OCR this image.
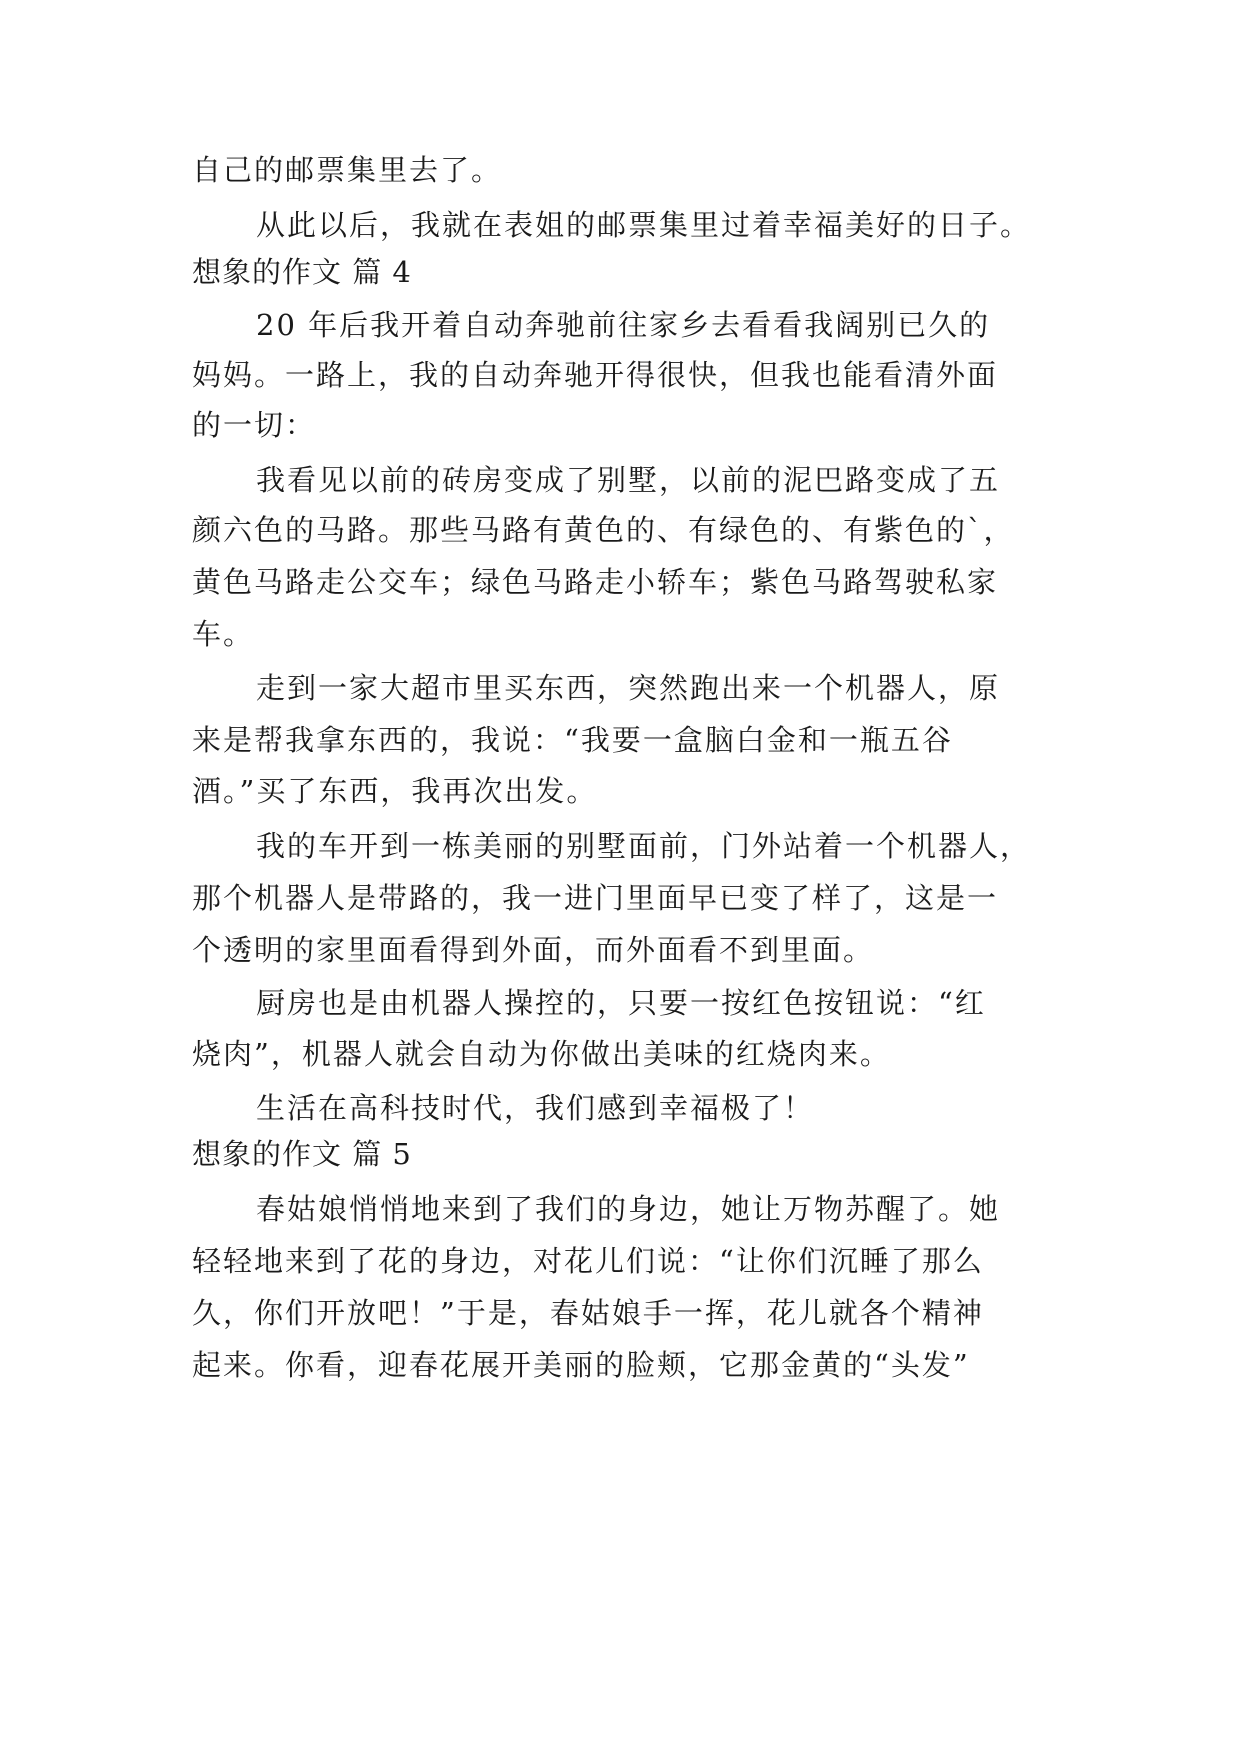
自己的邮票集里去了。
从此以后，我就在表姐的邮票集里过着幸福美好的日子。
想象的作文 篇 4
20 年后我开着自动奔驰前往家乡去看看我阔别已久的
妈妈。一路上，我的自动奔驰开得很快，但我也能看清外面
的一切：
我看见以前的砖房变成了别墅，以前的泥巴路变成了五
颜六色的马路。那些马路有黄色的、有绿色的、有紫色的`，
黄色马路走公交车；绿色马路走小轿车；紫色马路驾驶私家
车。
走到一家大超市里买东西，突然跑出来一个机器人，原
来是帮我拿东西的，我说：“我要一盒脑白金和一瓶五谷
酒。”买了东西，我再次出发。
我的车开到一栋美丽的别墅面前，门外站着一个机器人，
那个机器人是带路的，我一进门里面早已变了样了，这是一
个透明的家里面看得到外面，而外面看不到里面。
厨房也是由机器人操控的，只要一按红色按钮说：“红
烧肉”，机器人就会自动为你做出美味的红烧肉来。
生活在高科技时代，我们感到幸福极了！
想象的作文 篇 5
春姑娘悄悄地来到了我们的身边，她让万物苏醒了。她
轻轻地来到了花的身边，对花儿们说：“让你们沉睡了那么
久，你们开放吧！”于是，春姑娘手一挥，花儿就各个精神
起来。你看，迎春花展开美丽的脸颊，它那金黄的“头发”
